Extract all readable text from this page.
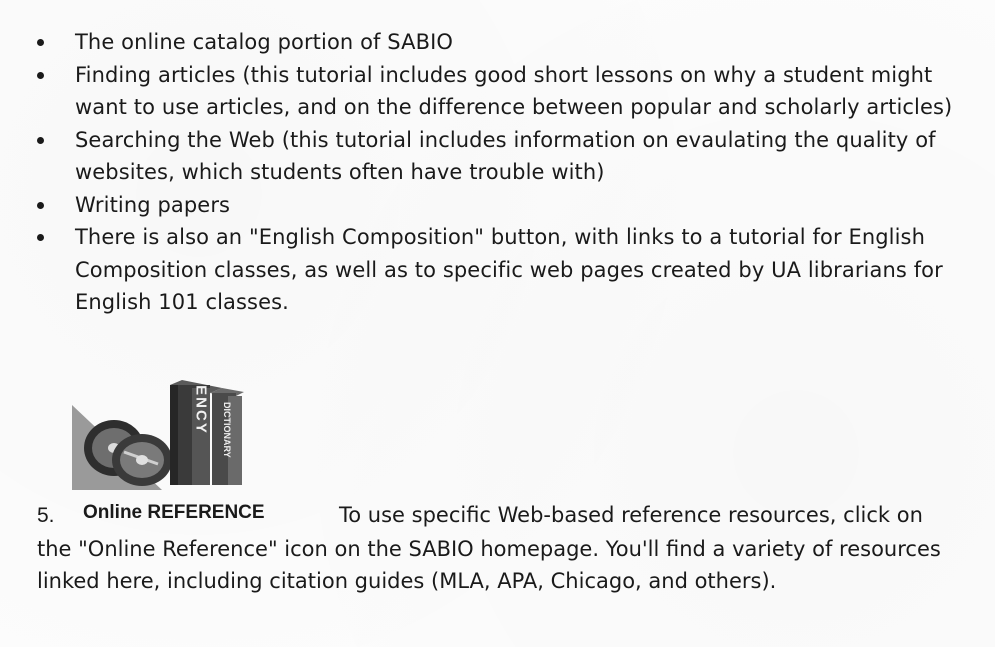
The online catalog portion of SABIO
Finding articles (this tutorial includes good short lessons on why a student might want to use articles, and on the difference between popular and scholarly articles)
Searching the Web (this tutorial includes information on evaulating the quality of websites, which students often have trouble with)
Writing papers
There is also an "English Composition" button, with links to a tutorial for English Composition classes, as well as to specific web pages created by UA librarians for English 101 classes.
ENCY DICTIONARY
5. Online REFERENCE	To use specific Web-based reference resources, click on the "Online Reference" icon on the SABIO homepage. You'll find a variety of resources linked here, including citation guides (MLA, APA, Chicago, and others).
